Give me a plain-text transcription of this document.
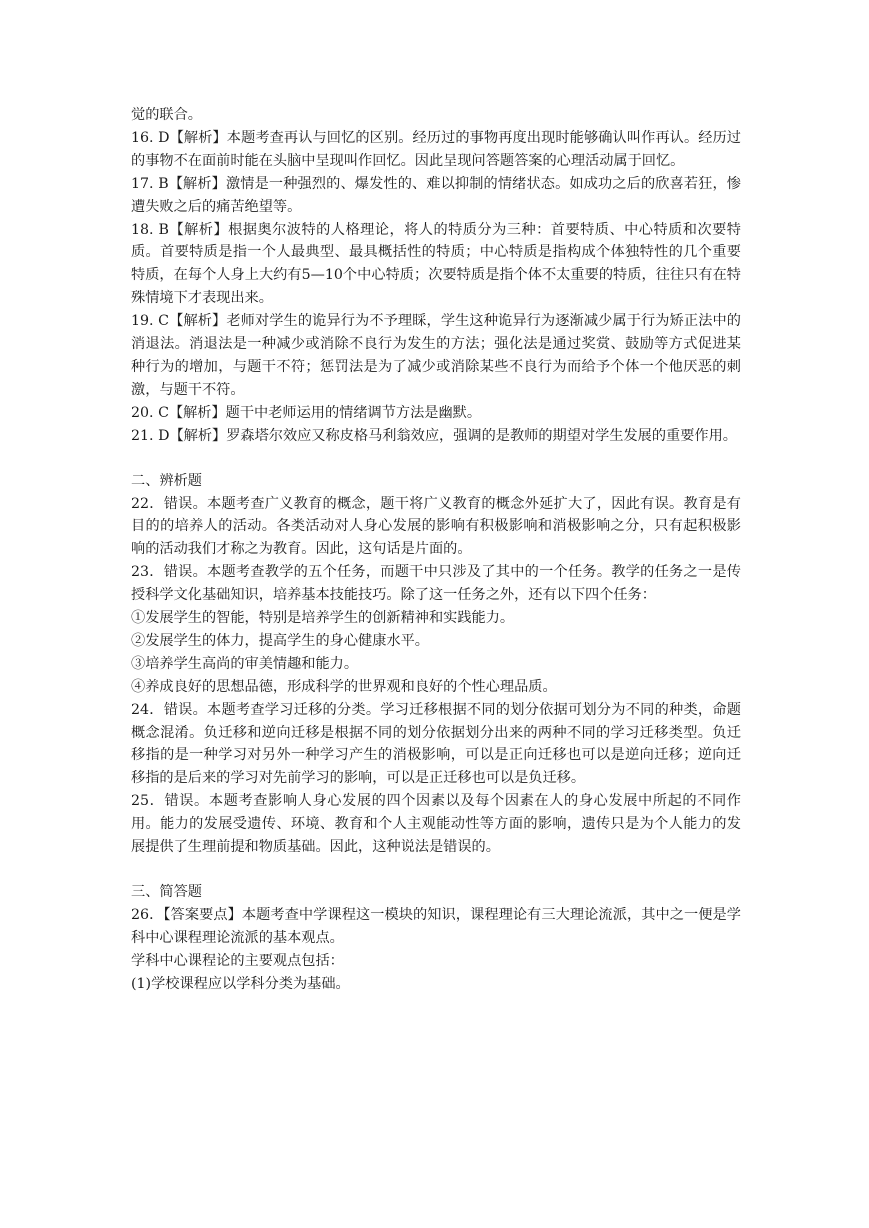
觉的联合。

16. D【解析】本题考查再认与回忆的区别。经历过的事物再度出现时能够确认叫作再认。经历过的事物不在面前时能在头脑中呈现叫作回忆。因此呈现问答题答案的心理活动属于回忆。

17. B【解析】激情是一种强烈的、爆发性的、难以抑制的情绪状态。如成功之后的欣喜若狂，惨遭失败之后的痛苦绝望等。

18. B【解析】根据奥尔波特的人格理论，将人的特质分为三种：首要特质、中心特质和次要特质。首要特质是指一个人最典型、最具概括性的特质；中心特质是指构成个体独特性的几个重要特质，在每个人身上大约有5—10个中心特质；次要特质是指个体不太重要的特质，往往只有在特殊情境下才表现出来。

19. C【解析】老师对学生的诡异行为不予理睬，学生这种诡异行为逐渐减少属于行为矫正法中的消退法。消退法是一种减少或消除不良行为发生的方法；强化法是通过奖赏、鼓励等方式促进某种行为的增加，与题干不符；惩罚法是为了减少或消除某些不良行为而给予个体一个他厌恶的刺激，与题干不符。

20. C【解析】题干中老师运用的情绪调节方法是幽默。

21. D【解析】罗森塔尔效应又称皮格马利翁效应，强调的是教师的期望对学生发展的重要作用。

二、辨析题

22．错误。本题考查广义教育的概念，题干将广义教育的概念外延扩大了，因此有误。教育是有目的的培养人的活动。各类活动对人身心发展的影响有积极影响和消极影响之分，只有起积极影响的活动我们才称之为教育。因此，这句话是片面的。

23．错误。本题考查教学的五个任务，而题干中只涉及了其中的一个任务。教学的任务之一是传授科学文化基础知识，培养基本技能技巧。除了这一任务之外，还有以下四个任务：

①发展学生的智能，特别是培养学生的创新精神和实践能力。

②发展学生的体力，提高学生的身心健康水平。

③培养学生高尚的审美情趣和能力。

④养成良好的思想品德，形成科学的世界观和良好的个性心理品质。

24．错误。本题考查学习迁移的分类。学习迁移根据不同的划分依据可划分为不同的种类，命题概念混淆。负迁移和逆向迁移是根据不同的划分依据划分出来的两种不同的学习迁移类型。负迁移指的是一种学习对另外一种学习产生的消极影响，可以是正向迁移也可以是逆向迁移；逆向迁移指的是后来的学习对先前学习的影响，可以是正迁移也可以是负迁移。

25．错误。本题考查影响人身心发展的四个因素以及每个因素在人的身心发展中所起的不同作用。能力的发展受遗传、环境、教育和个人主观能动性等方面的影响，遗传只是为个人能力的发展提供了生理前提和物质基础。因此，这种说法是错误的。

三、简答题

26．【答案要点】本题考查中学课程这一模块的知识，课程理论有三大理论流派，其中之一便是学科中心课程理论流派的基本观点。

学科中心课程论的主要观点包括：

(1)学校课程应以学科分类为基础。
